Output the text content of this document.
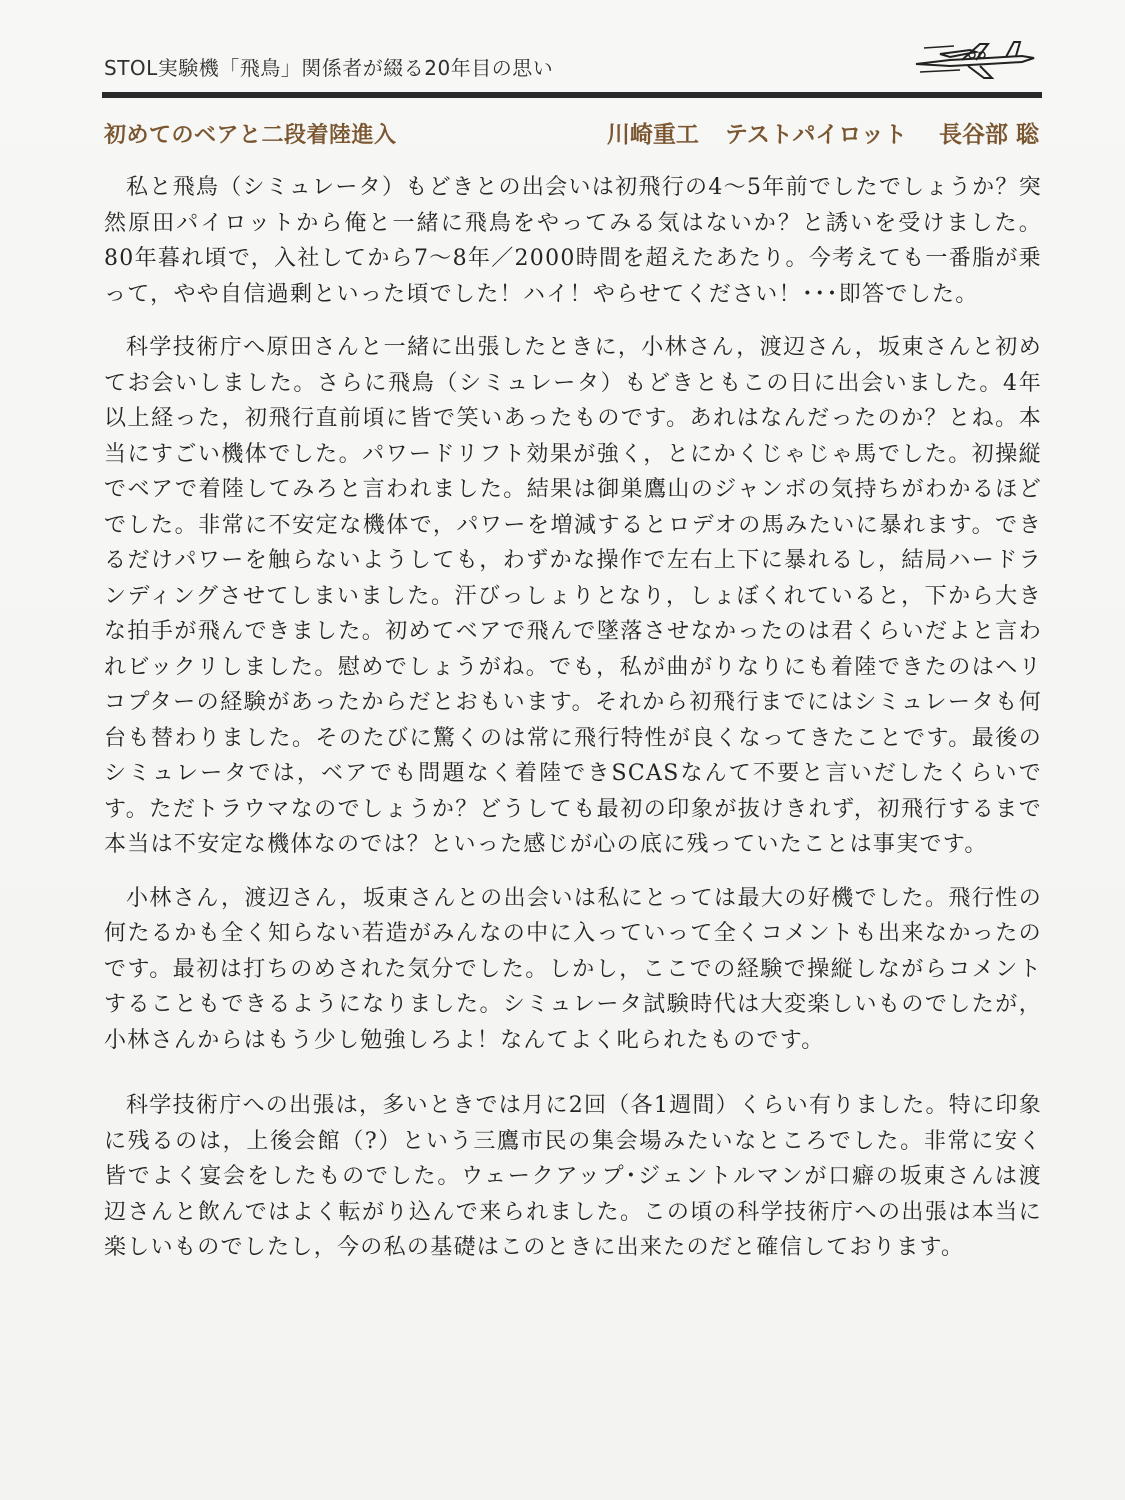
STOL実験機「飛鳥」関係者が綴る20年目の思い
初めてのベアと二段着陸進入	川崎重工 テストパイロット 長谷部 聡

私と飛鳥（シミュレータ）もどきとの出会いは初飛行の4～5年前でしたでしょうか？突然原田パイロットから俺と一緒に飛鳥をやってみる気はないか？と誘いを受けました。80年暮れ頃で，入社してから7～8年／2000時間を超えたあたり。今考えても一番脂が乗って，やや自信過剰といった頃でした！ハイ！やらせてください！･･･即答でした。

科学技術庁へ原田さんと一緒に出張したときに，小林さん，渡辺さん，坂東さんと初めてお会いしました。さらに飛鳥（シミュレータ）もどきともこの日に出会いました。4年以上経った，初飛行直前頃に皆で笑いあったものです。あれはなんだったのか？とね。本当にすごい機体でした。パワードリフト効果が強く，とにかくじゃじゃ馬でした。初操縦でベアで着陸してみろと言われました。結果は御巣鷹山のジャンボの気持ちがわかるほどでした。非常に不安定な機体で，パワーを増減するとロデオの馬みたいに暴れます。できるだけパワーを触らないようしても，わずかな操作で左右上下に暴れるし，結局ハードランディングさせてしまいました。汗びっしょりとなり，しょぼくれていると，下から大きな拍手が飛んできました。初めてベアで飛んで墜落させなかったのは君くらいだよと言われビックリしました。慰めでしょうがね。でも，私が曲がりなりにも着陸できたのはヘリコプターの経験があったからだとおもいます。それから初飛行までにはシミュレータも何台も替わりました。そのたびに驚くのは常に飛行特性が良くなってきたことです。最後のシミュレータでは，ベアでも問題なく着陸できSCASなんて不要と言いだしたくらいです。ただトラウマなのでしょうか？どうしても最初の印象が抜けきれず，初飛行するまで本当は不安定な機体なのでは？といった感じが心の底に残っていたことは事実です。

小林さん，渡辺さん，坂東さんとの出会いは私にとっては最大の好機でした。飛行性の何たるかも全く知らない若造がみんなの中に入っていって全くコメントも出来なかったのです。最初は打ちのめされた気分でした。しかし，ここでの経験で操縦しながらコメントすることもできるようになりました。シミュレータ試験時代は大変楽しいものでしたが，小林さんからはもう少し勉強しろよ！なんてよく叱られたものです。

科学技術庁への出張は，多いときでは月に2回（各1週間）くらい有りました。特に印象に残るのは，上後会館（?）という三鷹市民の集会場みたいなところでした。非常に安く皆でよく宴会をしたものでした。ウェークアップ･ジェントルマンが口癖の坂東さんは渡辺さんと飲んではよく転がり込んで来られました。この頃の科学技術庁への出張は本当に楽しいものでしたし，今の私の基礎はこのときに出来たのだと確信しております。
